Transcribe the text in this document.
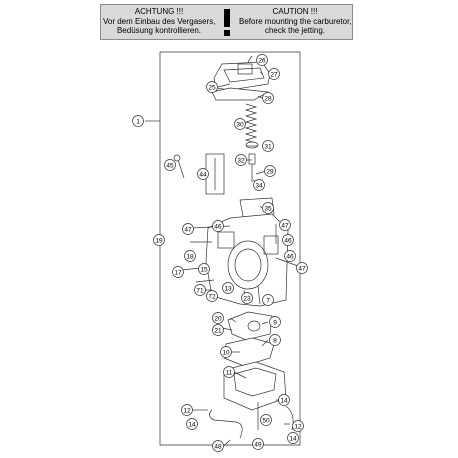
ACHTUNG !!!
Vor dem Einbau des Vergasers,
Bedüsung kontrollieren.
CAUTION !!!
Before mounting the carburetor,
check the jetting.
1
26
27
25
28
30
31
45
32
29
44
34
35
47	46	47
46
19
18	46
47
17	15
71
72
13
23 7
20
9
21
8
10
11
14
12
14
50
12
14
48	49
